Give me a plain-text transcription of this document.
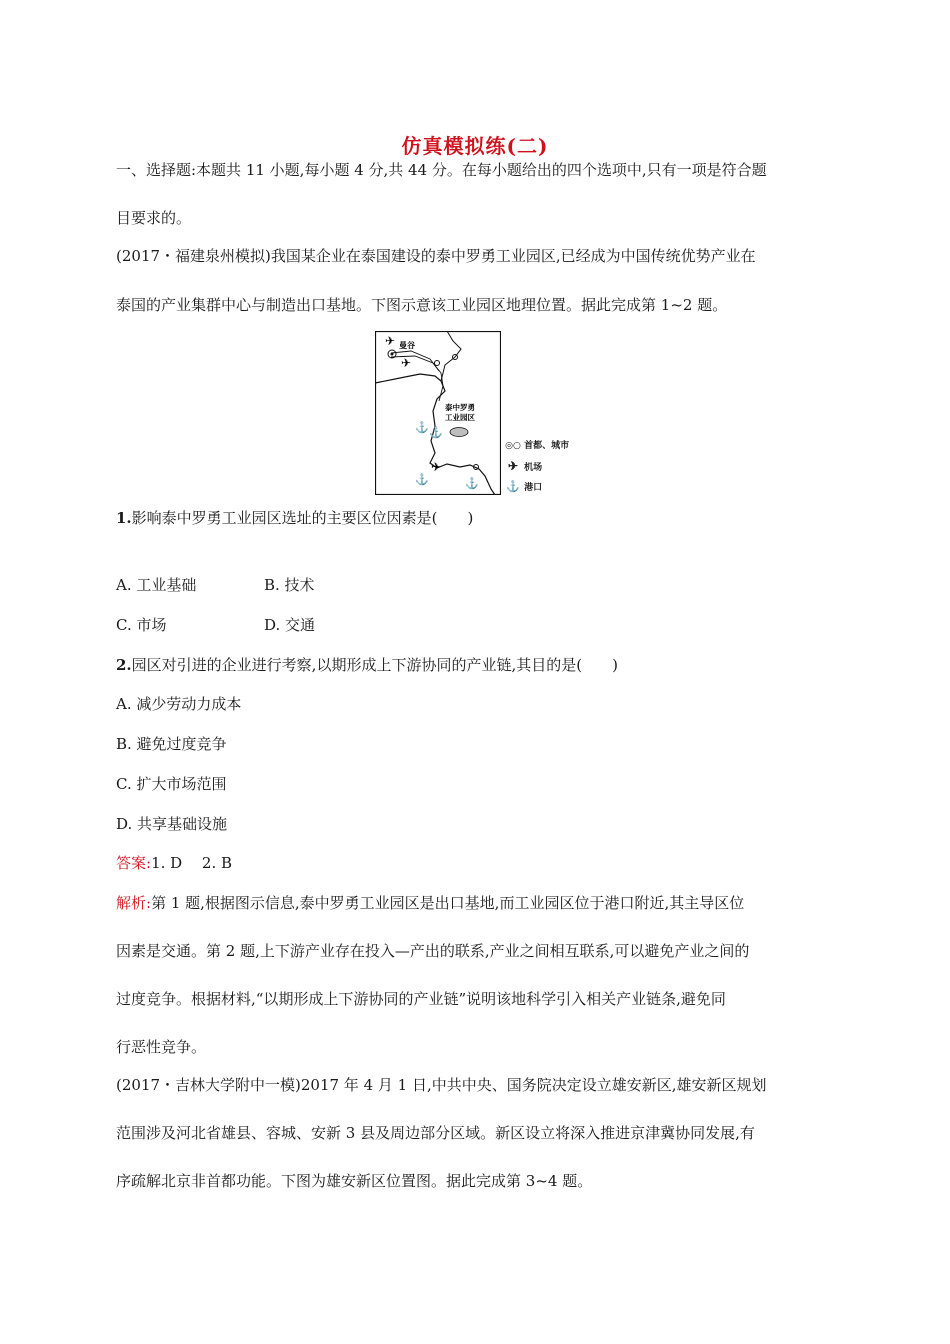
仿真模拟练(二)
一、选择题:本题共 11 小题,每小题 4 分,共 44 分。在每小题给出的四个选项中,只有一项是符合题
目要求的。
(2017・福建泉州模拟)我国某企业在泰国建设的泰中罗勇工业园区,已经成为中国传统优势产业在
泰国的产业集群中心与制造出口基地。下图示意该工业园区地理位置。据此完成第 1~2 题。
曼谷
✈
✈
✈
⚓ ⚓
⚓	⚓
泰中罗勇
工业园区
◎○ 首都、城市
✈ 机场
⚓ 港口
1.影响泰中罗勇工业园区选址的主要区位因素是(　　)
A. 工业基础	B. 技术
C. 市场	D. 交通
2.园区对引进的企业进行考察,以期形成上下游协同的产业链,其目的是(　　)
A. 减少劳动力成本
B. 避免过度竞争
C. 扩大市场范围
D. 共享基础设施
答案:1. D　 2. B
解析:第 1 题,根据图示信息,泰中罗勇工业园区是出口基地,而工业园区位于港口附近,其主导区位
因素是交通。第 2 题,上下游产业存在投入—产出的联系,产业之间相互联系,可以避免产业之间的
过度竞争。根据材料,“以期形成上下游协同的产业链”说明该地科学引入相关产业链条,避免同
行恶性竞争。
(2017・吉林大学附中一模)2017 年 4 月 1 日,中共中央、国务院决定设立雄安新区,雄安新区规划
范围涉及河北省雄县、容城、安新 3 县及周边部分区域。新区设立将深入推进京津冀协同发展,有
序疏解北京非首都功能。下图为雄安新区位置图。据此完成第 3~4 题。
